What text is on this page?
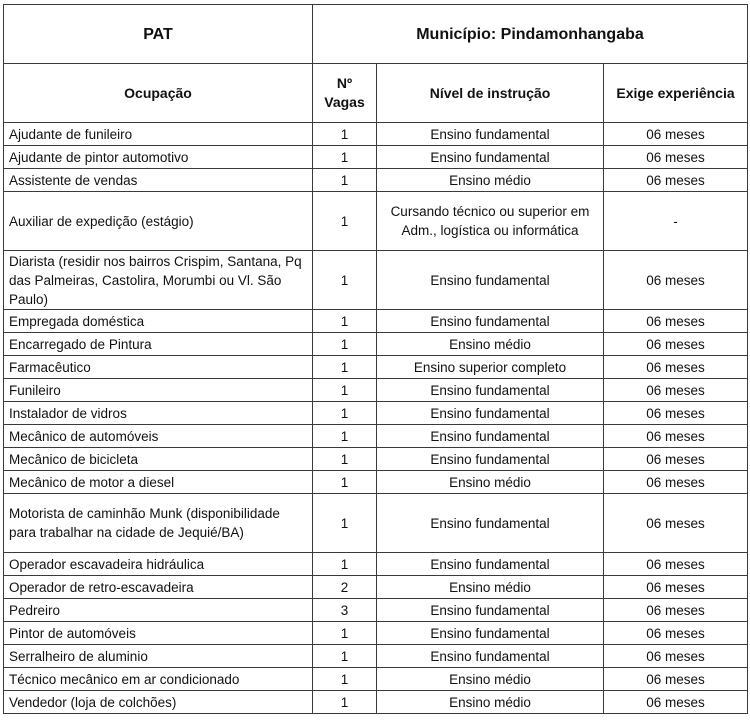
PAT	Município: Pindamonhangaba		
Ocupação	Nº Vagas	Nível de instrução	Exige experiência
Ajudante de funileiro	1	Ensino fundamental	06 meses
Ajudante de pintor automotivo	1	Ensino fundamental	06 meses
Assistente de vendas	1	Ensino médio	06 meses
Auxiliar de expedição (estágio)	1	Cursando técnico ou superior em Adm., logística ou informática	-
Diarista (residir nos bairros Crispim, Santana, Pq das Palmeiras, Castolira, Morumbi ou Vl. São Paulo)	1	Ensino fundamental	06 meses
Empregada doméstica	1	Ensino fundamental	06 meses
Encarregado de Pintura	1	Ensino médio	06 meses
Farmacêutico	1	Ensino superior completo	06 meses
Funileiro	1	Ensino fundamental	06 meses
Instalador de vidros	1	Ensino fundamental	06 meses
Mecânico de automóveis	1	Ensino fundamental	06 meses
Mecânico de bicicleta	1	Ensino fundamental	06 meses
Mecânico de motor a diesel	1	Ensino médio	06 meses
Motorista de caminhão Munk (disponibilidade para trabalhar na cidade de Jequié/BA)	1	Ensino fundamental	06 meses
Operador escavadeira hidráulica	1	Ensino fundamental	06 meses
Operador de retro-escavadeira	2	Ensino médio	06 meses
Pedreiro	3	Ensino fundamental	06 meses
Pintor de automóveis	1	Ensino fundamental	06 meses
Serralheiro de aluminio	1	Ensino fundamental	06 meses
Técnico mecânico em ar condicionado	1	Ensino médio	06 meses
Vendedor (loja de colchões)	1	Ensino médio	06 meses
